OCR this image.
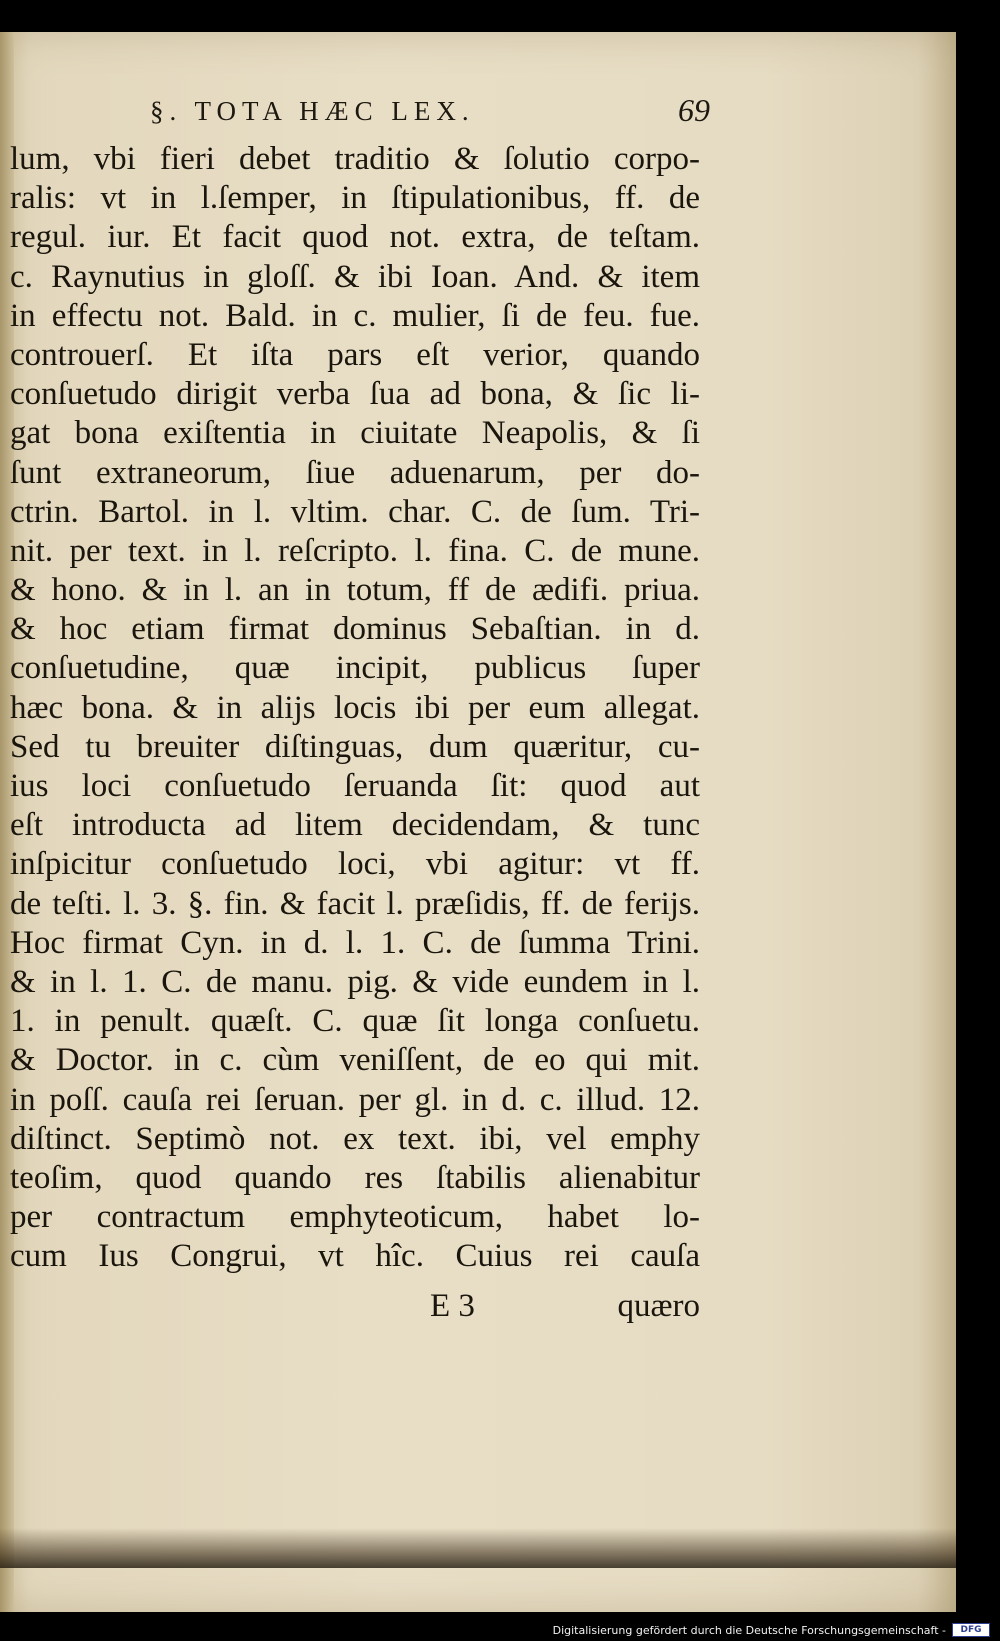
§. TOTA HÆC LEX.	69
lum, vbi fieri debet traditio & ſolutio corpo-
ralis: vt in l.ſemper, in ſtipulationibus, ff. de
regul. iur. Et facit quod not. extra, de teſtam.
c. Raynutius in gloſſ. & ibi Ioan. And. & item
in effectu not. Bald. in c. mulier, ſi de feu. fue.
controuerſ. Et iſta pars eſt verior, quando
conſuetudo dirigit verba ſua ad bona, & ſic li-
gat bona exiſtentia in ciuitate Neapolis, & ſi
ſunt extraneorum, ſiue aduenarum, per do-
ctrin. Bartol. in l. vltim. char. C. de ſum. Tri-
nit. per text. in l. reſcripto. l. fina. C. de mune.
& hono. & in l. an in totum, ff de ædifi. priua.
& hoc etiam firmat dominus Sebaſtian. in d.
conſuetudine, quæ incipit, publicus ſuper
hæc bona. & in alijs locis ibi per eum allegat.
Sed tu breuiter diſtinguas, dum quæritur, cu-
ius loci conſuetudo ſeruanda ſit: quod aut
eſt introducta ad litem decidendam, & tunc
inſpicitur conſuetudo loci, vbi agitur: vt ff.
de teſti. l. 3. §. fin. & facit l. præſidis, ff. de ferijs.
Hoc firmat Cyn. in d. l. 1. C. de ſumma Trini.
& in l. 1. C. de manu. pig. & vide eundem in l.
1. in penult. quæſt. C. quæ ſit longa conſuetu.
& Doctor. in c. cùm veniſſent, de eo qui mit.
in poſſ. cauſa rei ſeruan. per gl. in d. c. illud. 12.
diſtinct. Septimò not. ex text. ibi, vel emphy
teoſim, quod quando res ſtabilis alienabitur
per contractum emphyteoticum, habet lo-
cum Ius Congrui, vt hîc. Cuius rei cauſa
E 3	quæro
Digitalisierung gefördert durch die Deutsche Forschungsgemeinschaft -	DFG
